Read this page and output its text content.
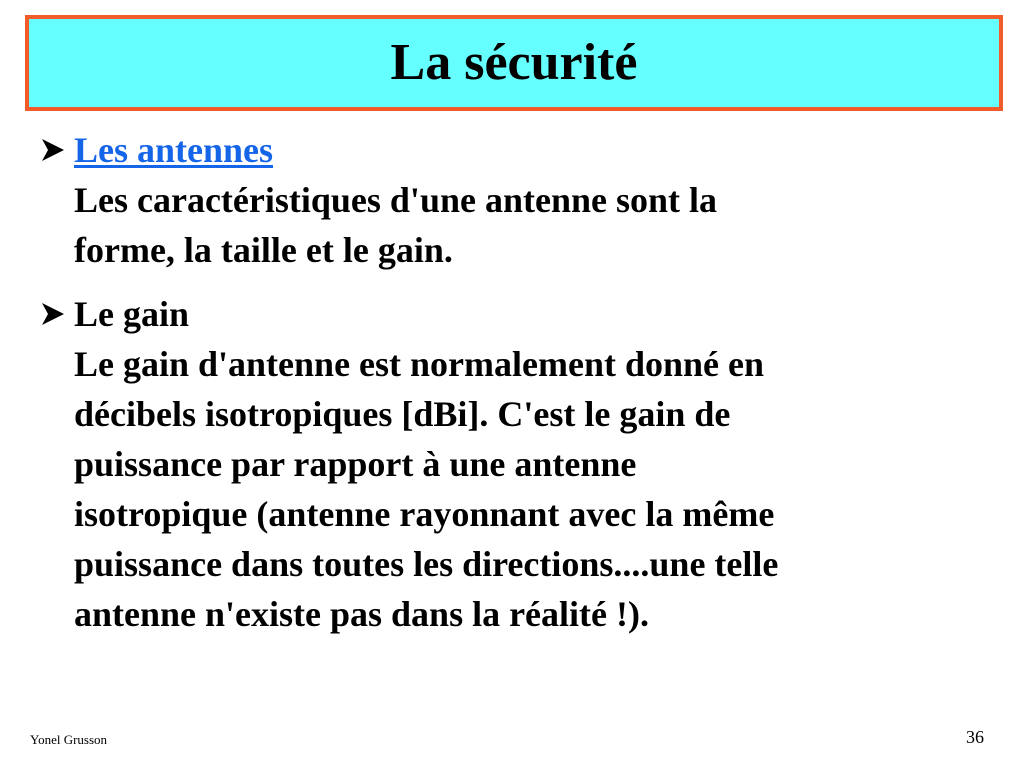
La sécurité
Les antennes
Les caractéristiques d'une antenne sont la
forme, la taille et le gain.
Le gain
Le gain d'antenne est normalement donné en
décibels isotropiques [dBi]. C'est le gain de
puissance par rapport à une antenne
isotropique (antenne rayonnant avec la même
puissance dans toutes les directions....une telle
antenne n'existe pas dans la réalité !).
Yonel Grusson	36
